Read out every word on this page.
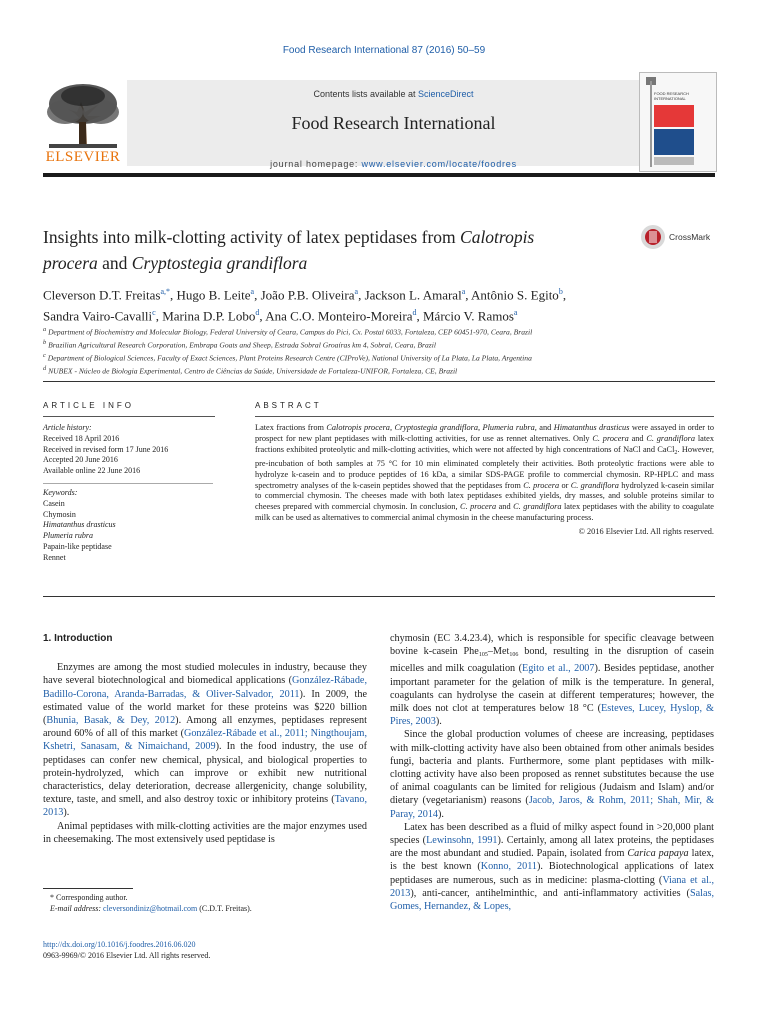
Food Research International 87 (2016) 50–59
ELSEVIER
Contents lists available at ScienceDirect
Food Research International
journal homepage: www.elsevier.com/locate/foodres
FOOD RESEARCH INTERNATIONAL
Insights into milk-clotting activity of latex peptidases from Calotropis
procera and Cryptostegia grandiflora
CrossMark
Cleverson D.T. Freitas$^{a,*}$, Hugo B. Leite$^a$, João P.B. Oliveira$^a$, Jackson L. Amaral$^a$, Antônio S. Egito$^b$,
Sandra Vairo-Cavalli$^c$, Marina D.P. Lobo$^d$, Ana C.O. Monteiro-Moreira$^d$, Márcio V. Ramos$^a$
$^a$ Department of Biochemistry and Molecular Biology, Federal University of Ceara, Campus do Pici, Cx. Postal 6033, Fortaleza, CEP 60451-970, Ceara, Brazil
$^b$ Brazilian Agricultural Research Corporation, Embrapa Goats and Sheep, Estrada Sobral Groaíras km 4, Sobral, Ceara, Brazil
$^c$ Department of Biological Sciences, Faculty of Exact Sciences, Plant Proteins Research Centre (CIProVe), National University of La Plata, La Plata, Argentina
$^d$ NUBEX - Núcleo de Biologia Experimental, Centro de Ciências da Saúde, Universidade de Fortaleza-UNIFOR, Fortaleza, CE, Brazil
ARTICLE INFO
Article history:
Received 18 April 2016
Received in revised form 17 June 2016
Accepted 20 June 2016
Available online 22 June 2016
Keywords:
Casein
Chymosin
Himatanthus drasticus
Plumeria rubra
Papain-like peptidase
Rennet
ABSTRACT
Latex fractions from Calotropis procera, Cryptostegia grandiflora, Plumeria rubra, and Himatanthus drasticus were assayed in order to prospect for new plant peptidases with milk-clotting activities, for use as rennet alternatives. Only C. procera and C. grandiflora latex fractions exhibited proteolytic and milk-clotting activities, which were not affected by high concentrations of NaCl and CaCl$_2$. However, pre-incubation of both samples at 75 °C for 10 min eliminated completely their activities. Both proteolytic fractions were able to hydrolyze k-casein and to produce peptides of 16 kDa, a similar SDS-PAGE profile to commercial chymosin. RP-HPLC and mass spectrometry analyses of the k-casein peptides showed that the peptidases from C. procera or C. grandiflora hydrolyzed k-casein similar to commercial chymosin. The cheeses made with both latex peptidases exhibited yields, dry masses, and soluble proteins similar to cheeses prepared with commercial chymosin. In conclusion, C. procera and C. grandiflora latex peptidases with the ability to coagulate milk can be used as alternatives to commercial animal chymosin in the cheese manufacturing process.
© 2016 Elsevier Ltd. All rights reserved.
1. Introduction

Enzymes are among the most studied molecules in industry, because they have several biotechnological and biomedical applications (González-Rábade, Badillo-Corona, Aranda-Barradas, & Oliver-Salvador, 2011). In 2009, the estimated value of the world market for these proteins was $220 billion (Bhunia, Basak, & Dey, 2012). Among all enzymes, peptidases represent around 60% of all of this market (González-Rábade et al., 2011; Ningthoujam, Kshetri, Sanasam, & Nimaichand, 2009). In the food industry, the use of peptidases can confer new chemical, physical, and biological properties to protein-hydrolyzed, which can improve or exhibit new nutritional characteristics, delay deterioration, decrease allergenicity, change solubility, texture, taste, and smell, and also destroy toxic or inhibitory proteins (Tavano, 2013).

Animal peptidases with milk-clotting activities are the major enzymes used in cheesemaking. The most extensively used peptidase is

chymosin (EC 3.4.23.4), which is responsible for specific cleavage between bovine k-casein Phe$_{105}$–Met$_{106}$ bond, resulting in the disruption of casein micelles and milk coagulation (Egito et al., 2007). Besides peptidase, another important parameter for the gelation of milk is the temperature. In general, coagulants can hydrolyse the casein at different temperatures; however, the milk does not clot at temperatures below 18 °C (Esteves, Lucey, Hyslop, & Pires, 2003).

Since the global production volumes of cheese are increasing, peptidases with milk-clotting activity have also been obtained from other animals besides fungi, bacteria and plants. Furthermore, some plant peptidases with milk-clotting activity have also been proposed as rennet substitutes because the use of animal coagulants can be limited for religious (Judaism and Islam) and/or dietary (vegetarianism) reasons (Jacob, Jaros, & Rohm, 2011; Shah, Mir, & Paray, 2014).

Latex has been described as a fluid of milky aspect found in >20,000 plant species (Lewinsohn, 1991). Certainly, among all latex proteins, the peptidases are the most abundant and studied. Papain, isolated from Carica papaya latex, is the best known (Konno, 2011). Biotechnological applications of latex peptidases are numerous, such as in medicine: plasma-clotting (Viana et al., 2013), anti-cancer, antihelminthic, and anti-inflammatory activities (Salas, Gomes, Hernandez, & Lopes,

* Corresponding author.
E-mail address: cleversondiniz@hotmail.com (C.D.T. Freitas).
http://dx.doi.org/10.1016/j.foodres.2016.06.020
0963-9969/© 2016 Elsevier Ltd. All rights reserved.
